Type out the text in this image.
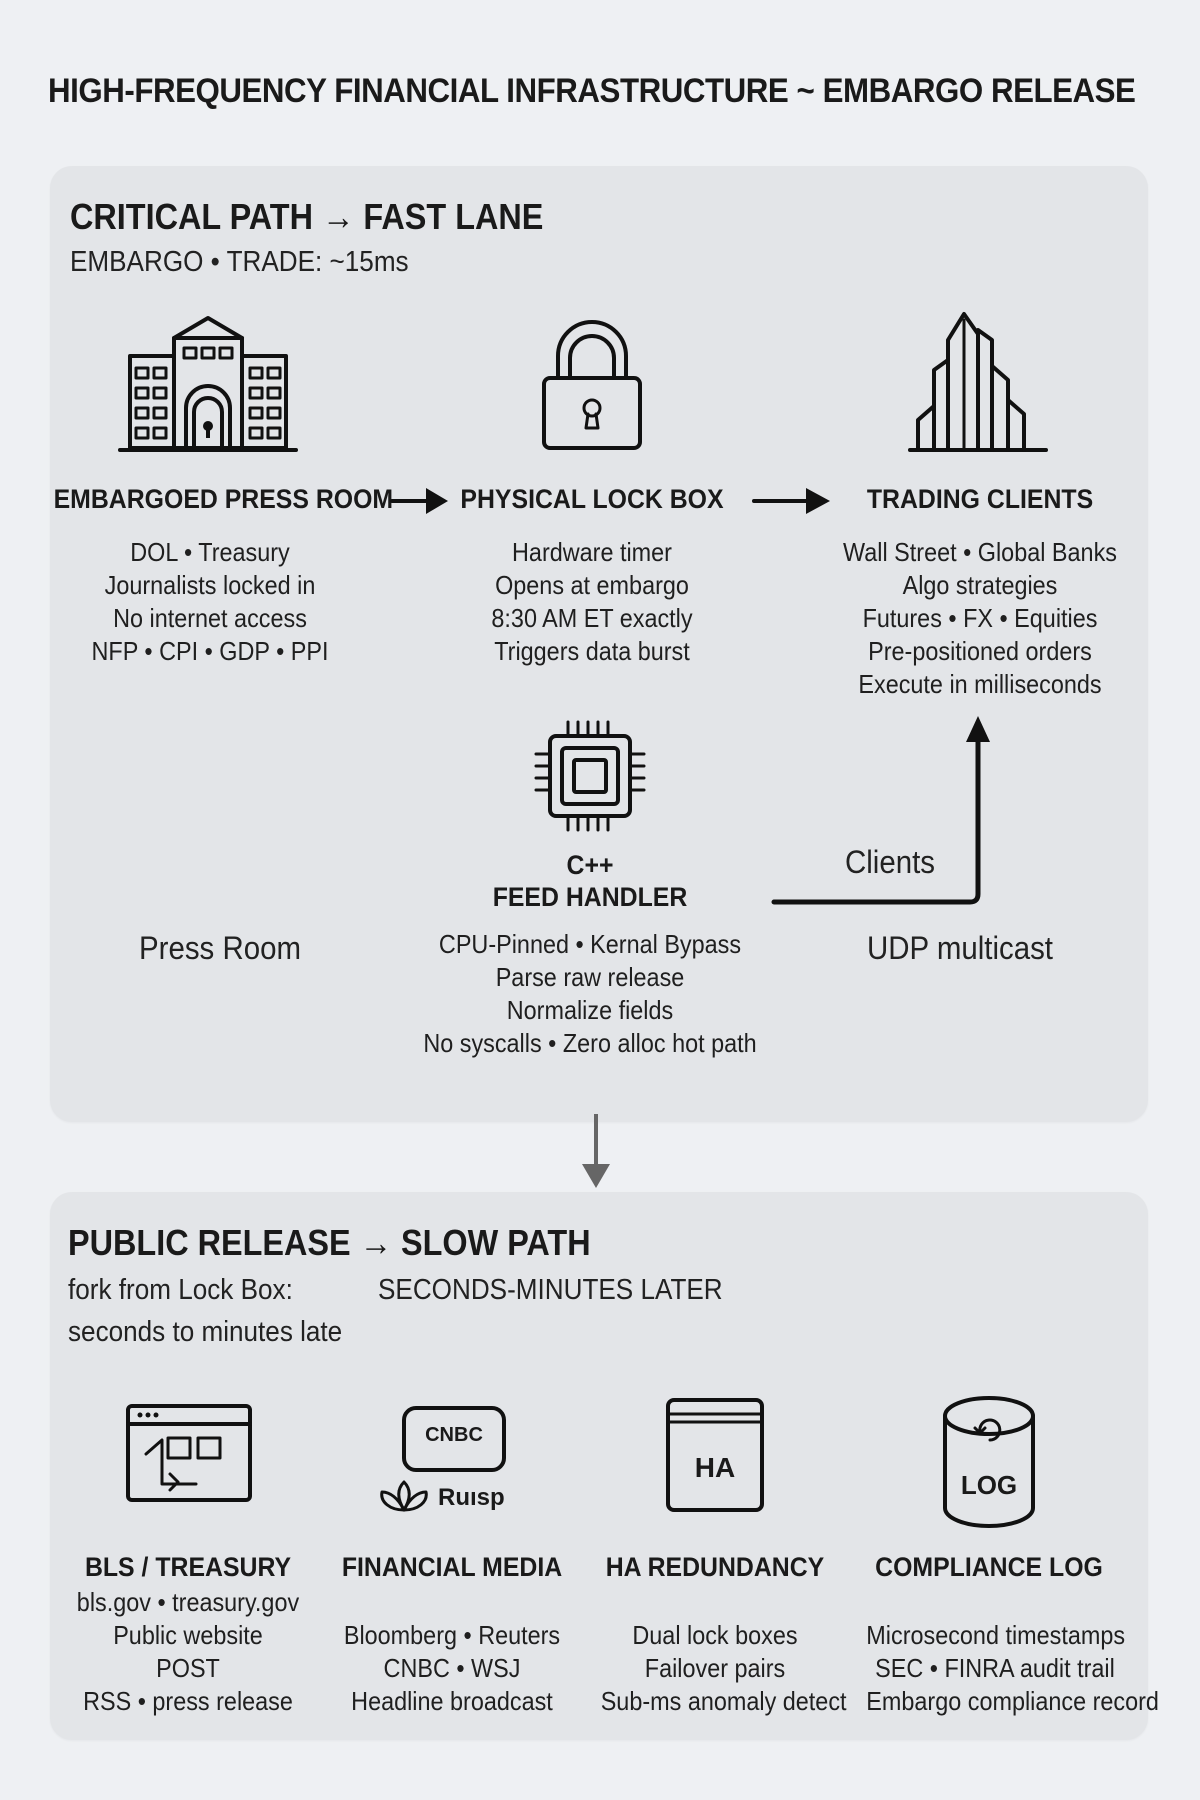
HIGH-FREQUENCY FINANCIAL INFRASTRUCTURE ~ EMBARGO RELEASE
CRITICAL PATH → FAST LANE
EMBARGO • TRADE: ~15ms
EMBARGOED PRESS ROOM PHYSICAL LOCK BOX	TRADING CLIENTS
DOL • Treasury
Journalists locked in
No internet access
NFP • CPI • GDP • PPI
Hardware timer
Opens at embargo
8:30 AM ET exactly
Triggers data burst
Wall Street • Global Banks
Algo strategies
Futures • FX • Equities
Pre-positioned orders
Execute in milliseconds
C++
FEED HANDLER
CPU-Pinned • Kernal Bypass
Parse raw release
Normalize fields
No syscalls • Zero alloc hot path
Press Room
Clients
UDP multicast
PUBLIC RELEASE → SLOW PATH
fork from Lock Box:	SECONDS-MINUTES LATER
seconds to minutes late
CNBC
Ruısp
HA
LOG
BLS / TREASURY	FINANCIAL MEDIA HA REDUNDANCY	COMPLIANCE LOG
bls.gov • treasury.gov
Public website
POST
RSS • press release
Bloomberg • Reuters
CNBC • WSJ
Headline broadcast
Dual lock boxes
Failover pairs
Sub-ms anomaly detect
Microsecond timestamps
SEC • FINRA audit trail
Embargo compliance record
